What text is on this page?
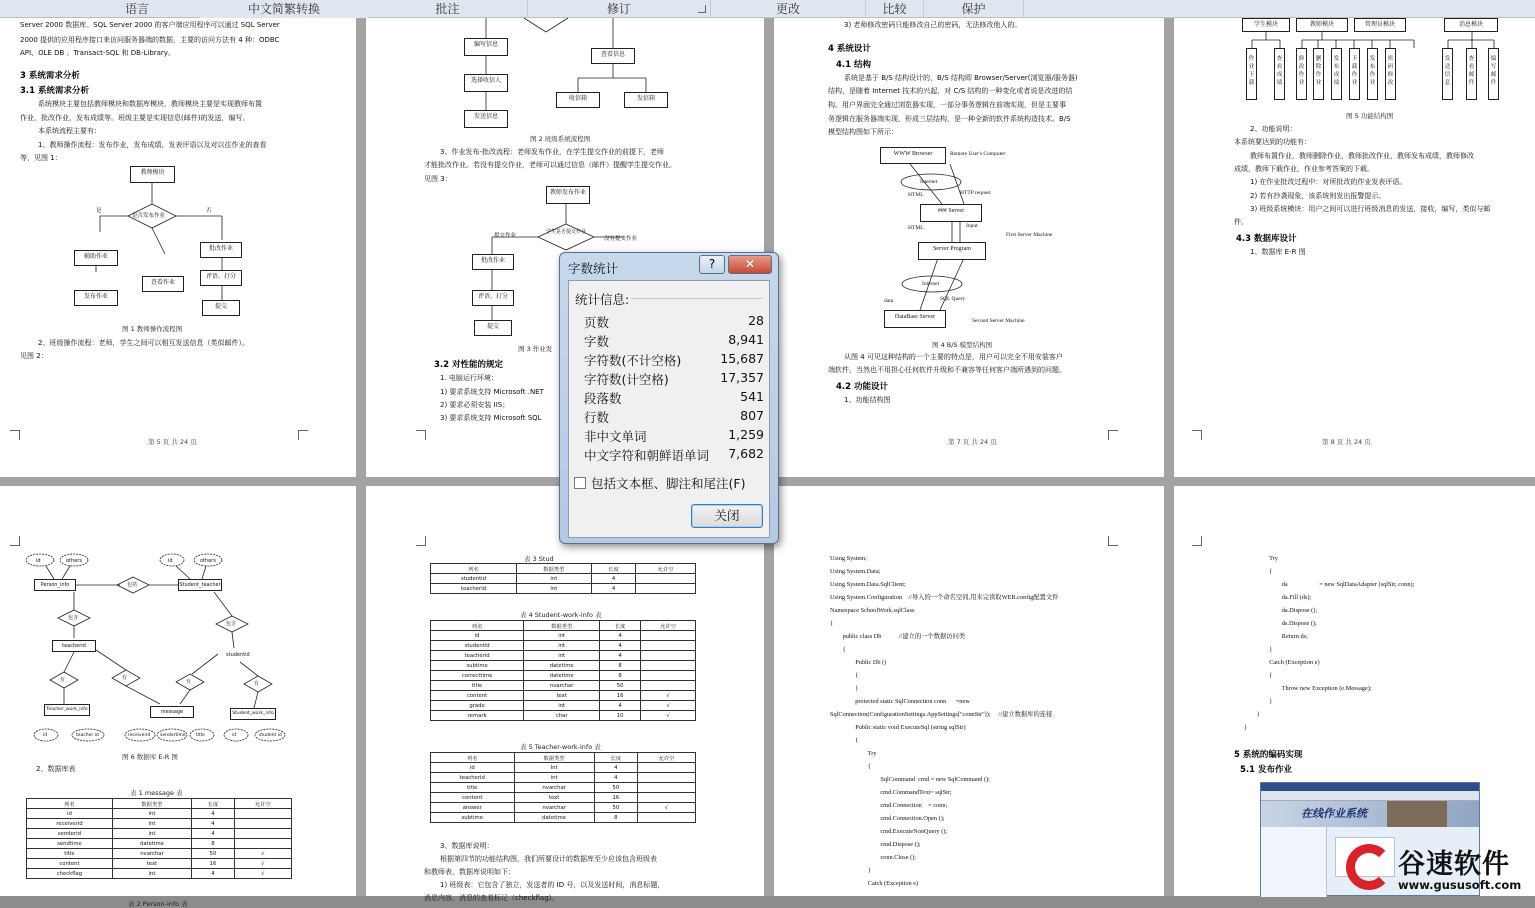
语言	中文简繁转换	批注	修订	更改	比较	保护
Server 2000 数据库。SQL Server 2000 的客户端应用程序可以通过 SQL Server
2000 提供的应用程序接口来访问服务器端的数据，主要的访问方法有 4 种：ODBC
API、OLE DB 、Transact-SQL 和 DB-Library。
3 系统需求分析
3.1 系统需求分析
系统模块主要包括教师模块和数据库模块，教师模块主要是实现教师布置
作业，批改作业，发布成绩等。班级主要是实现信息(邮件)的发送，编写。
本系统流程主要有：
1、教师操作流程：发布作业，发布成绩，发表评语以及对以往作业的查看
等，见图 1：
教师模块
是否发布作业
否
是
辅助作业
查看作业
批改作业
发布作业
评语、打分
提交
图 1 教师操作流程图
2、班级操作流程：老师，学生之间可以相互发送信息（类似邮件）。
见图 2：
第 5 页 共 24 页
编写信息
选择收信人
发送信息
查看信息
收信箱	发信箱
图 2 班级系统流程图
3、作业发布-批改流程：老师发布作业，在学生提交作业的前提下，老师
才能批改作业。若没有提交作业，老师可以通过信息（邮件）提醒学生提交作业。
见图 3：
教师发布作业
学生是否提交作业
提交作业	没有提交作业
批改作业
评语、打分
提交
图 3 作业发
3.2 对性能的规定
1. 电脑运行环境：
1) 要求系统支持 Microsoft .NET
2) 要求必须安装 IIS；
3) 要求系统支持 Microsoft SQL
3) 老师修改密码只能修改自己的密码，无法修改他人的。
4 系统设计
4.1 结构
系统是基于 B/S 结构设计的，B/S 结构即 Browser/Server(浏览器/服务器)
结构，是随着 Internet 技术的兴起，对 C/S 结构的一种变化或者说是改进的结
构。用户界面完全通过浏览器实现，一部分事务逻辑在前端实现，但是主要事
务逻辑在服务器端实现，形成三层结构，是一种全新的软件系统构造技术。B/S
模型结构图如下所示：
WWW Browser	Remote User's Computer
Internet
HTTP request
HTML
### Server
HTML	Input
First Server Machine
Server Program
Internet
SQL Query
data
DataBase Server
Second Server Machine
图 4 B/S 模型结构图
从图 4 可见这种结构的一个主要的特点是，用户可以完全不用安装客户
端软件，当然也不用担心任何软件升级和不兼容等任何客户端所遇到的问题。
4.2 功能设计
1、功能结构图
第 7 页 共 24 页
学生模块	教师模块	管理员模块	消息模块
作业下载
查看成绩
修改作业
删除作业
发布成绩
下载作业
发布作业
密码修改
发送信息
查看邮件
编写邮件
图 5 功能结构图
2、功能说明：
本系统要达到的功能有：
教师布置作业，教师删除作业，教师批改作业，教师发布成绩，教师修改
成绩，教师下载作业，作业参考答案的下载。
1) 在作业批改过程中：对所批改的作业发表评语。
2) 若有抄袭现象，该系统则发出报警提示。
3) 班级系统模块：用户之间可以进行班级消息的发送，接收，编写，类似与邮
件。
4.3 数据库设计
1、数据库 E-R 图
第 8 页 共 24 页
id	others
Person_info	包括	Student_teacher
id	others
包含
包含
teacherid
studentid
有	有
有	有
Teacher_work_info	message	Student_work_info
id	teacher id	receiverid sendertime title	id	student id
图 6 数据库 E-R 图
2、数据库表
表 1 message 表
列名	数据类型	长度	允许空
id	int	4	
receiverid	int	4	
senderid	int	4	
sendtime	datetime	8	
title	nvarchar	50	√
content	text	16	√
checkflag	int	4	√
表 2 Person-info 表
表 3 Stud
列名	数据类型	长度	允许空
studentid	int	4	
teacherid	int	4	
表 4 Student-work-info 表
列名	数据类型	长度	允许空
id	int	4	
studentid	int	4	
teacherid	int	4	
subtime	datetime	8	
correcttime	datetime	8	
title	nvarchar	50	
content	text	16	√
grade	int	4	√
remark	char	10	√
表 5 Teacher-work-info 表
列名	数据类型	长度	允许空
id	Int	4	
teacherid	int	4	
title	nvarchar	50	
content	text	16	
answer	nvarchar	50	√
subtime	datetime	8	
3、数据库说明：
根据第四节的功能结构图，我们所要设计的数据库至少应该包含班级表
和教师表，数据库说明如下：
1) 班级表：它包含了独立，发送者的 ID 号，以及发送时间，消息标题，
消息内容，消息的查看标记（checkflag)。
Using System;
Using System.Data;
Using System.Data.SqlClient;
Using System.Configuration    //导入的一个命名空间,用来完读取WEB.config配置文件
Namespace SchoolWork.sqlClass
{
public class Db           //建立的一个数据访问类
{
Public Db ()
{
}
protected static SqlConnection conn      =new
SqlConnection(ConfigurationSettings.AppSettings["connStr"]);     //建立数据库的连接
Public static void ExecuteSql (string sqlStr)
{
Try
{
SqlCommand  cmd = new SqlCommand ();
cmd.CommandText= sqlStr;
cmd.Connection    = conn;
cmd.Connection.Open ();
cmd.ExecuteNonQuery ();
cmd.Dispose ();
conn.Close ();
}
Catch (Exception e)
Try
{
da                    = new SqlDataAdapter (sqlStr, conn);
da.Fill (ds);
da.Dispose ();
ds.Dispose ();
Return ds;
}
Catch (Exception e)
{
Throw new Exception (e.Message);
}
}
}
5 系统的编码实现
5.1 发布作业
在线作业系统
字数统计	?	✕
统计信息:
页数	28
字数	8,941
字符数(不计空格)	15,687
字符数(计空格)	17,357
段落数	541
行数	807
非中文单词	1,259
中文字符和朝鲜语单词 7,682
包括文本框、脚注和尾注(F)
关闭
谷速软件
www.gususoft.com
